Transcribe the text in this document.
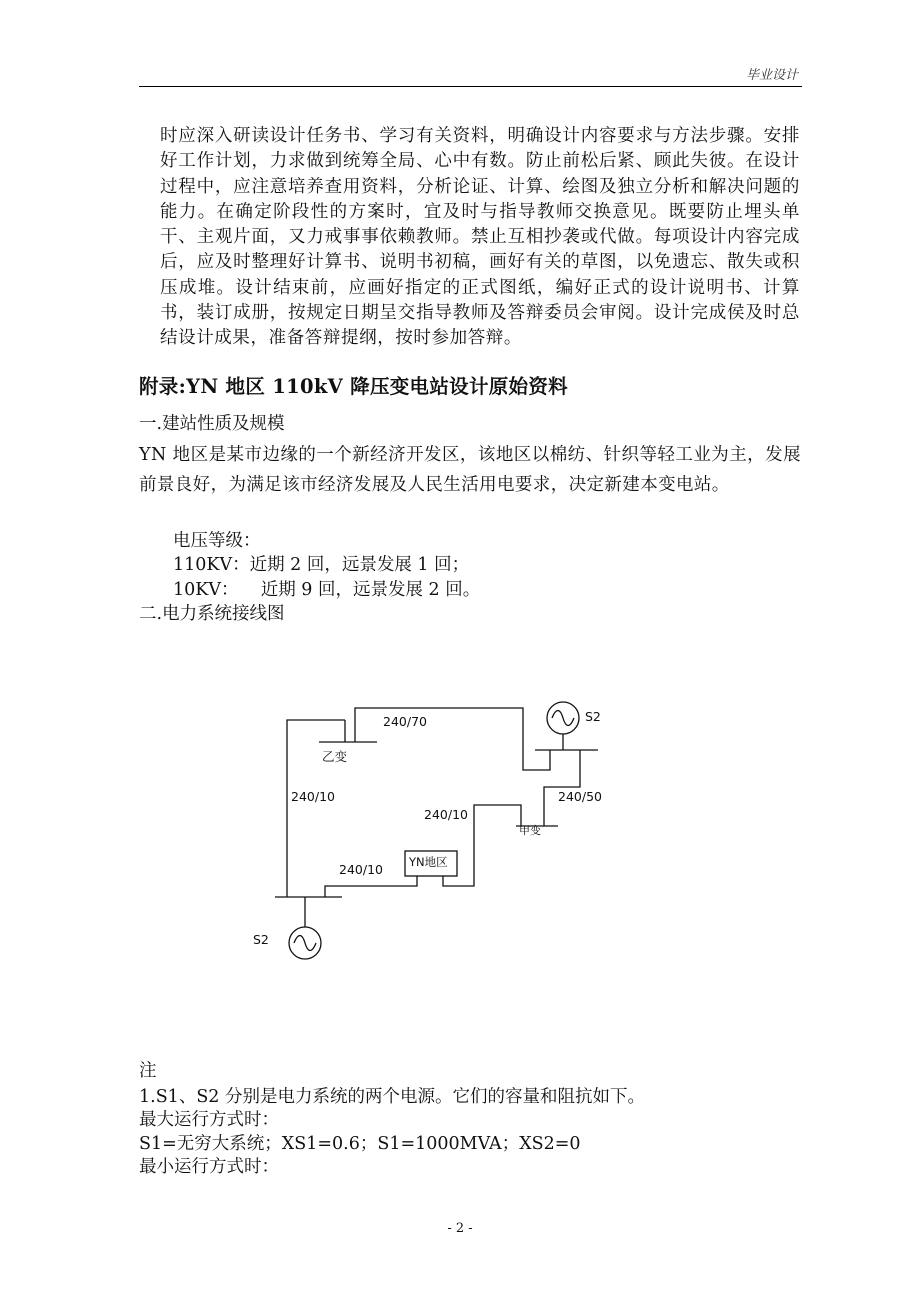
毕业设计

时应深入研读设计任务书、学习有关资料，明确设计内容要求与方法步骤。安排好工作计划，力求做到统筹全局、心中有数。防止前松后紧、顾此失彼。在设计过程中，应注意培养查用资料，分析论证、计算、绘图及独立分析和解决问题的能力。在确定阶段性的方案时，宜及时与指导教师交换意见。既要防止埋头单干、主观片面，又力戒事事依赖教师。禁止互相抄袭或代做。每项设计内容完成后，应及时整理好计算书、说明书初稿，画好有关的草图，以免遗忘、散失或积压成堆。设计结束前，应画好指定的正式图纸，编好正式的设计说明书、计算书，装订成册，按规定日期呈交指导教师及答辩委员会审阅。设计完成侯及时总结设计成果，准备答辩提纲，按时参加答辩。

附录:YN 地区 110kV 降压变电站设计原始资料

一.建站性质及规模

YN 地区是某市边缘的一个新经济开发区，该地区以棉纺、针织等轻工业为主，发展前景良好，为满足该市经济发展及人民生活用电要求，决定新建本变电站。

电压等级：

110KV：近期 2 回，远景发展 1 回；

10KV：    近期 9 回，远景发展 2 回。

二.电力系统接线图

240/70	S2
乙变
240/10	240/50
240/10
甲变
YN地区
240/10
S2

注

1.S1、S2 分别是电力系统的两个电源。它们的容量和阻抗如下。

最大运行方式时：

S1=无穷大系统；XS1=0.6；S1=1000MVA；XS2=0

最小运行方式时：

- 2 -
